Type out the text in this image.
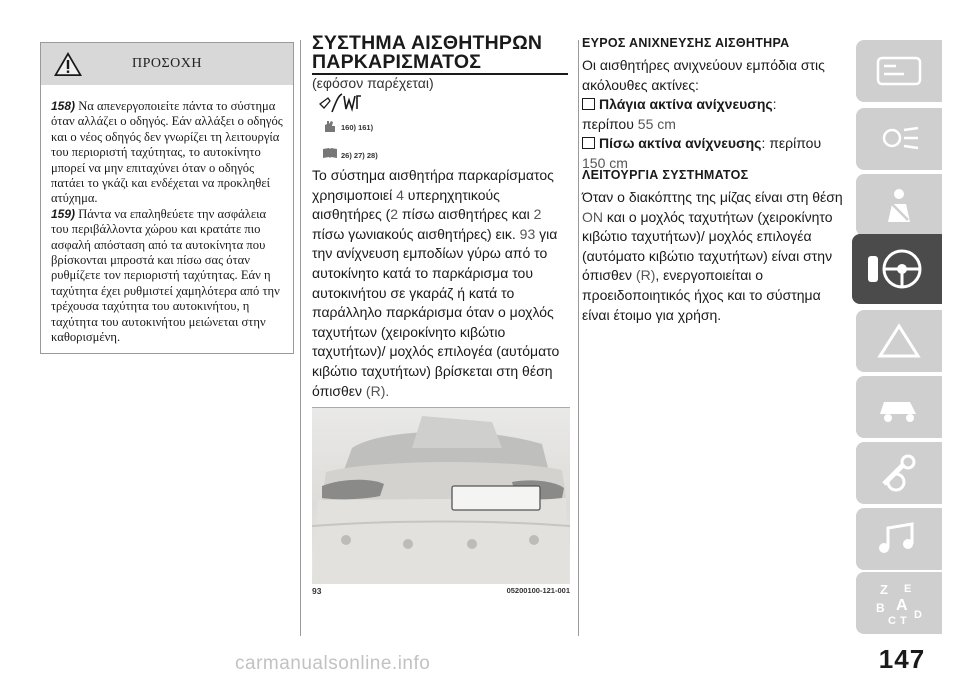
ΠΡΟΣΟΧΗ

158) Να απενεργοποιείτε πάντα το σύστημα όταν αλλάζει ο οδηγός. Εάν αλλάξει ο οδηγός και ο νέος οδηγός δεν γνωρίζει τη λειτουργία του περιοριστή ταχύτητας, το αυτοκίνητο μπορεί να μην επιταχύνει όταν ο οδηγός πατάει το γκάζι και ενδέχεται να προκληθεί ατύχημα.

159) Πάντα να επαληθεύετε την ασφάλεια του περιβάλλοντα χώρου και κρατάτε πιο ασφαλή απόσταση από τα αυτοκίνητα που βρίσκονται μπροστά και πίσω σας όταν ρυθμίζετε τον περιοριστή ταχύτητας. Εάν η ταχύτητα έχει ρυθμιστεί χαμηλότερα από την τρέχουσα ταχύτητα του αυτοκινήτου, η ταχύτητα του αυτοκινήτου μειώνεται στην καθορισμένη.

ΣΥΣΤΗΜΑ ΑΙΣΘΗΤΗΡΩΝ
ΠΑΡΚΑΡΙΣΜΑΤΟΣ
(εφόσον παρέχεται)
160) 161)
26) 27) 28)
Το σύστημα αισθητήρα παρκαρίσματος χρησιμοποιεί 4 υπερηχητικούς αισθητήρες (2 πίσω αισθητήρες και 2 πίσω γωνιακούς αισθητήρες) εικ. 93 για την ανίχνευση εμποδίων γύρω από το αυτοκίνητο κατά το παρκάρισμα του αυτοκινήτου σε γκαράζ ή κατά το παράλληλο παρκάρισμα όταν ο μοχλός ταχυτήτων (χειροκίνητο κιβώτιο ταχυτήτων)/ μοχλός επιλογέα (αυτόματο κιβώτιο ταχυτήτων) βρίσκεται στη θέση όπισθεν (R).
93	05200100-121-001
ΕΥΡΟΣ ΑΝΙΧΝΕΥΣΗΣ ΑΙΣΘΗΤΗΡΑ
Οι αισθητήρες ανιχνεύουν εμπόδια στις ακόλουθες ακτίνες:
Πλάγια ακτίνα ανίχνευσης:
περίπου 55 cm
Πίσω ακτίνα ανίχνευσης: περίπου
150 cm
ΛΕΙΤΟΥΡΓΙΑ ΣΥΣΤΗΜΑΤΟΣ
Όταν ο διακόπτης της μίζας είναι στη θέση ON και ο μοχλός ταχυτήτων (χειροκίνητο κιβώτιο ταχυτήτων)/ μοχλός επιλογέα (αυτόματο κιβώτιο ταχυτήτων) είναι στην όπισθεν (R), ενεργοποιείται ο προειδοποιητικός ήχος και το σύστημα είναι έτοιμο για χρήση.
Z E
B A
C T D
147
carmanualsonline.info
